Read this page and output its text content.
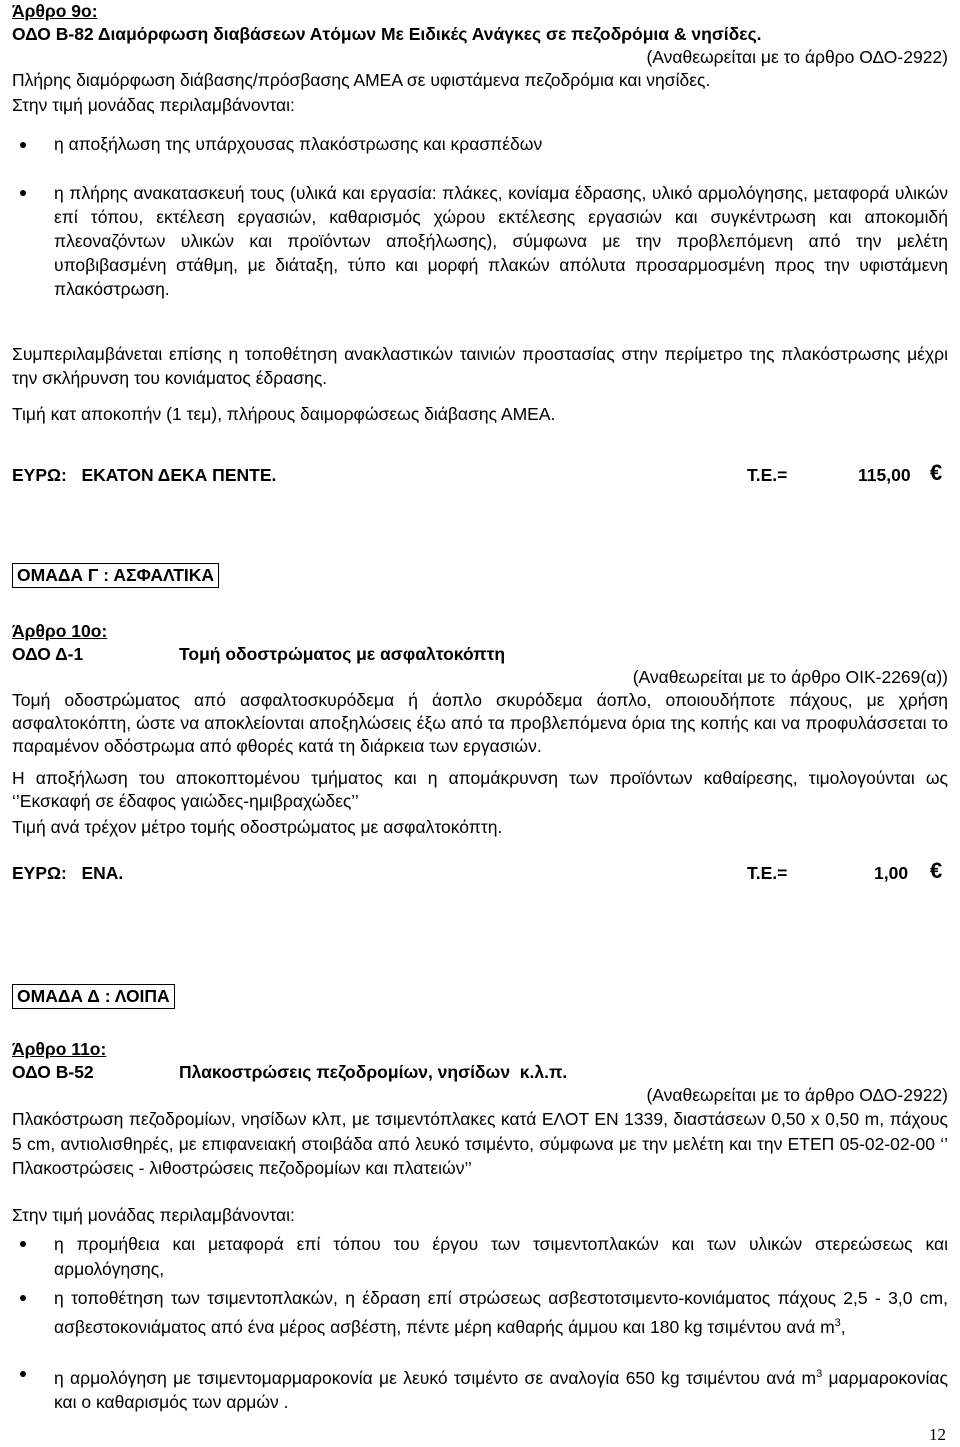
Άρθρο 9ο:
ΟΔΟ Β-82 Διαμόρφωση διαβάσεων Ατόμων Με Ειδικές Ανάγκες σε πεζοδρόμια & νησίδες.
(Αναθεωρείται με το άρθρο ΟΔΟ-2922)
Πλήρης διαμόρφωση διάβασης/πρόσβασης ΑΜΕΑ σε υφιστάμενα πεζοδρόμια και νησίδες.
Στην τιμή μονάδας περιλαμβάνονται:
η αποξήλωση της υπάρχουσας πλακόστρωσης και κρασπέδων
η πλήρης ανακατασκευή τους (υλικά και εργασία: πλάκες, κονίαμα έδρασης, υλικό αρμολόγησης, μεταφορά υλικών επί τόπου, εκτέλεση εργασιών, καθαρισμός χώρου εκτέλεσης εργασιών και συγκέντρωση και αποκομιδή πλεοναζόντων υλικών και προϊόντων αποξήλωσης), σύμφωνα με την προβλεπόμενη από την μελέτη υποβιβασμένη στάθμη, με διάταξη, τύπο και μορφή πλακών απόλυτα προσαρμοσμένη προς την υφιστάμενη πλακόστρωση.
Συμπεριλαμβάνεται επίσης η τοποθέτηση ανακλαστικών ταινιών προστασίας στην περίμετρο της πλακόστρωσης μέχρι την σκλήρυνση του κονιάματος έδρασης.
Τιμή κατ αποκοπήν (1 τεμ), πλήρους δαιμορφώσεως διάβασης ΑΜΕΑ.
ΕΥΡΩ:   ΕΚΑΤΟΝ ΔΕΚΑ ΠΕΝΤΕ.	Τ.Ε.=	115,00 €
ΟΜΑΔΑ Γ : ΑΣΦΑΛΤΙΚΑ
Άρθρο 10ο:
ΟΔΟ Δ-1	Τομή οδοστρώματος με ασφαλτοκόπτη
(Αναθεωρείται με το άρθρο ΟΙΚ-2269(α))
Τομή οδοστρώματος από ασφαλτοσκυρόδεμα ή άοπλο σκυρόδεμα άοπλο, οποιουδήποτε πάχους, με χρήση ασφαλτοκόπτη, ώστε να αποκλείονται αποξηλώσεις έξω από τα προβλεπόμενα όρια της κοπής και να προφυλάσσεται το παραμένον οδόστρωμα από φθορές κατά τη διάρκεια των εργασιών.
Η αποξήλωση του αποκοπτομένου τμήματος και η απομάκρυνση των προϊόντων καθαίρεσης, τιμολογούνται ως ‘’Εκσκαφή σε έδαφος γαιώδες-ημιβραχώδες’’
Τιμή ανά τρέχον μέτρο τομής οδοστρώματος με ασφαλτοκόπτη.
ΕΥΡΩ:   ΕΝΑ.	Τ.Ε.=	1,00 €
ΟΜΑΔΑ Δ : ΛΟΙΠΑ
Άρθρο 11ο:
ΟΔΟ Β-52	Πλακοστρώσεις πεζοδρομίων, νησίδων  κ.λ.π.
(Αναθεωρείται με το άρθρο ΟΔΟ-2922)
Πλακόστρωση πεζοδρομίων, νησίδων κλπ, με τσιμεντόπλακες κατά ΕΛΟΤ ΕΝ 1339, διαστάσεων 0,50 x 0,50 m, πάχους 5 cm, αντιολισθηρές, με επιφανειακή στοιβάδα από λευκό τσιμέντο, σύμφωνα με την μελέτη και την ΕΤΕΠ 05-02-02-00 ‘’ Πλακοστρώσεις - λιθοστρώσεις πεζοδρομίων και πλατειών’’
Στην τιμή μονάδας περιλαμβάνονται:
η προμήθεια και μεταφορά επί τόπου του έργου των τσιμεντοπλακών και των υλικών στερεώσεως και αρμολόγησης,
η τοποθέτηση των τσιμεντοπλακών, η έδραση επί στρώσεως ασβεστοτσιμεντο-κονιάματος πάχους 2,5 - 3,0 cm, ασβεστοκονιάματος από ένα μέρος ασβέστη, πέντε μέρη καθαρής άμμου και 180 kg τσιμέντου ανά $m^3$,
η αρμολόγηση με τσιμεντομαρμαροκονία με λευκό τσιμέντο σε αναλογία 650 kg τσιμέντου ανά $m^3$ μαρμαροκονίας και ο καθαρισμός των αρμών .
12
